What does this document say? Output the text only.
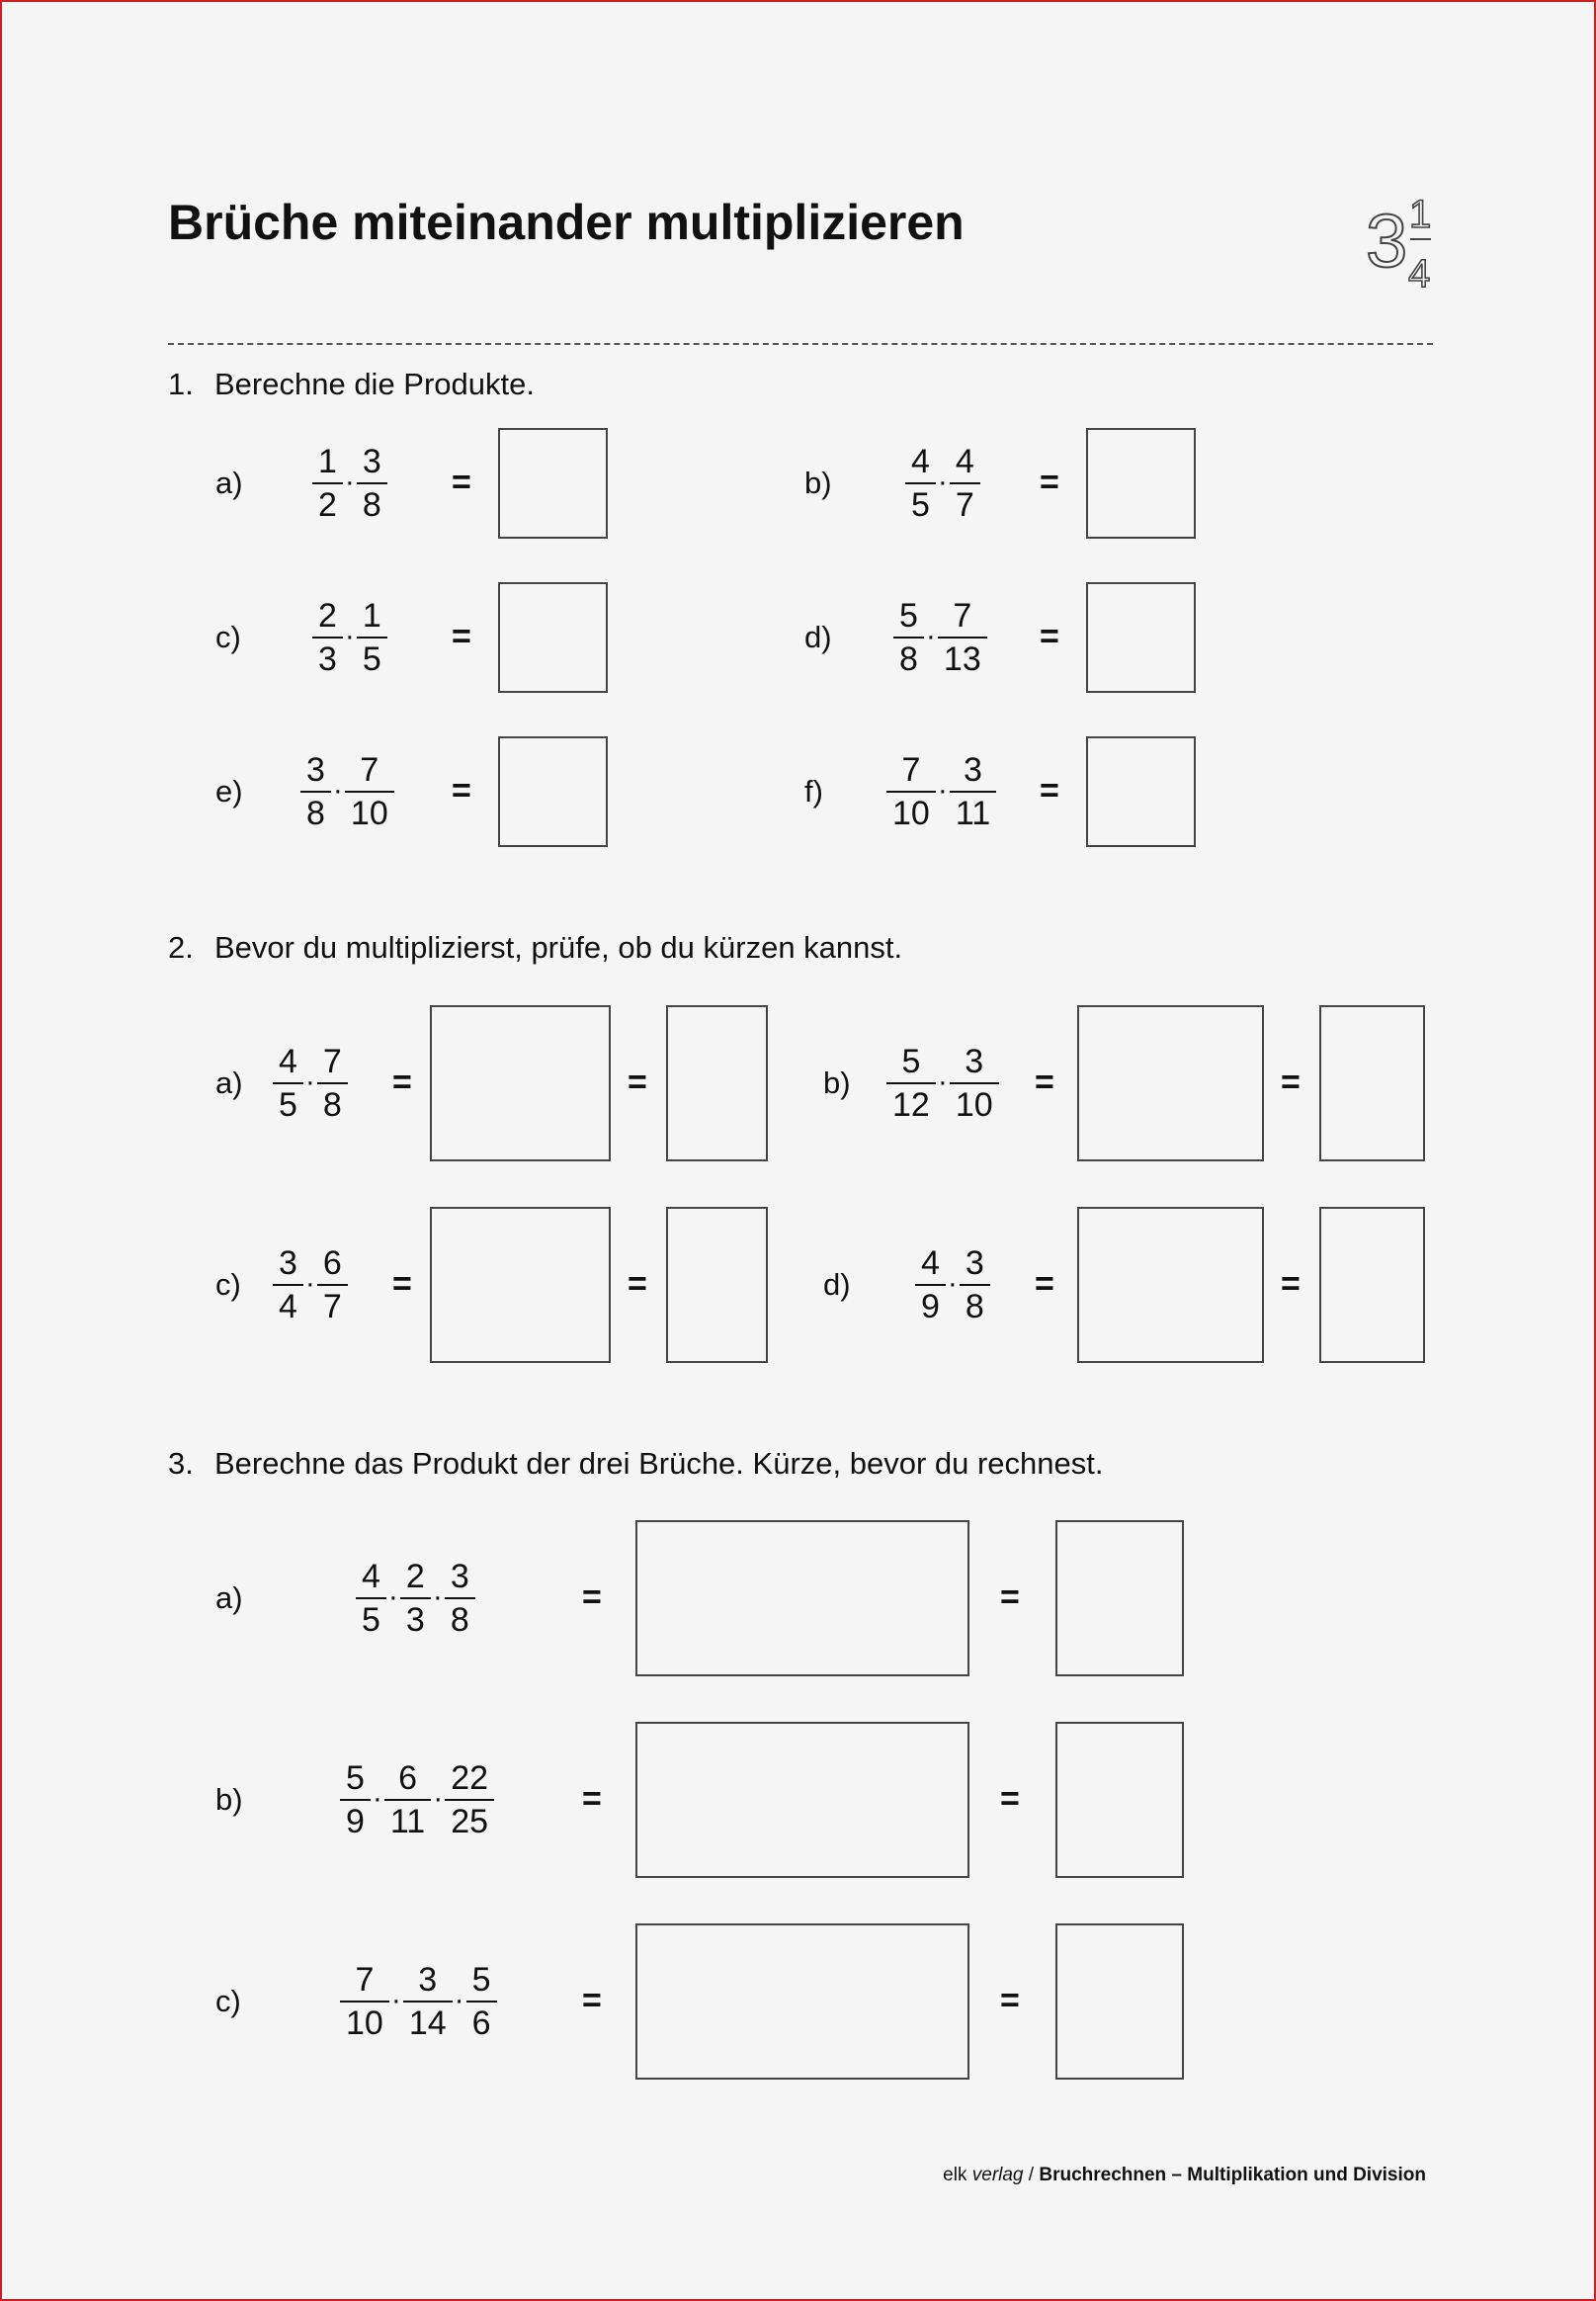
Brüche miteinander multiplizieren	3 1
4
1. Berechne die Produkte.
$a) \frac{1}{2} \cdot \frac{3}{8}$ =	$b) \frac{4}{5} \cdot \frac{4}{7}$ =
$c) \frac{2}{3} \cdot \frac{1}{5}$ =	$d) \frac{5}{8} \cdot \frac{7}{13}$ =
$e) \frac{3}{8} \cdot \frac{7}{10}$ =	$f) \frac{7}{10} \cdot \frac{3}{11}$ =
2. Bevor du multiplizierst, prüfe, ob du kürzen kannst.
$a) \frac{4}{5} \cdot \frac{7}{8}$ =	=	$b) \frac{5}{12} \cdot \frac{3}{10}$ =	=
$c) \frac{3}{4} \cdot \frac{6}{7}$ =	=	$d) \frac{4}{9} \cdot \frac{3}{8}$ =	=
3. Berechne das Produkt der drei Brüche. Kürze, bevor du rechnest.
a)	$\frac{4}{5} \cdot \frac{2}{3} \cdot \frac{3}{8}$	=	=
b)	$\frac{5}{9} \cdot \frac{6}{11} \cdot \frac{22}{25}$	=	=
c)	$\frac{7}{10} \cdot \frac{3}{14} \cdot \frac{5}{6}$	=	=
elk verlag / Bruchrechnen – Multiplikation und Division
